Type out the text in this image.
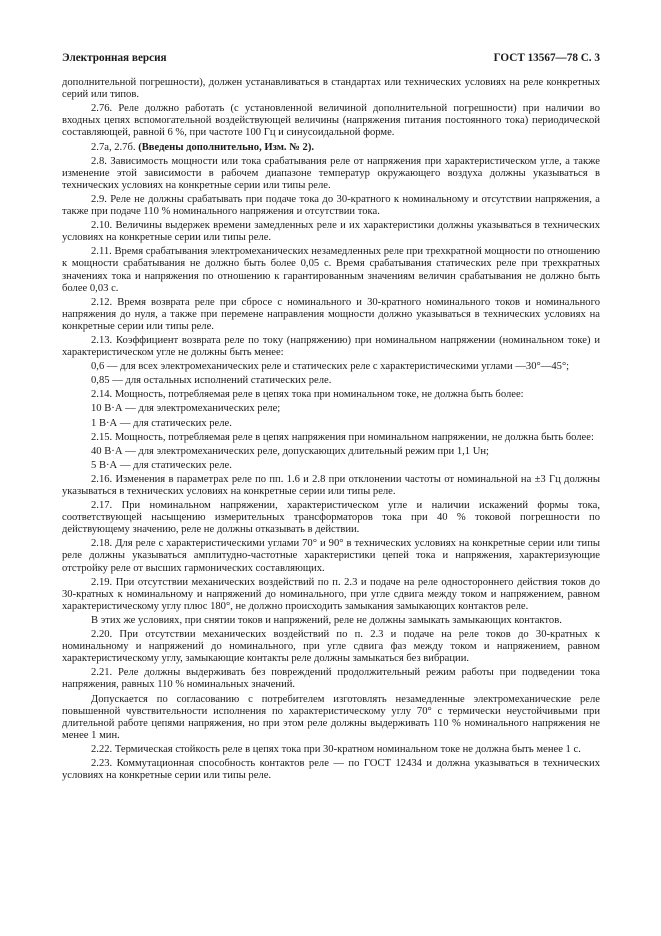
Электронная версия	ГОСТ 13567—78 С. 3

дополнительной погрешности), должен устанавливаться в стандартах или технических условиях на реле конкретных серий или типов.

2.76. Реле должно работать (с установленной величиной дополнительной погрешности) при наличии во входных цепях вспомогательной воздействующей величины (напряжения питания постоянного тока) периодической составляющей, равной 6 %, при частоте 100 Гц и синусоидальной форме.

2.7а, 2.7б. (Введены дополнительно, Изм. № 2).

2.8. Зависимость мощности или тока срабатывания реле от напряжения при характеристическом угле, а также изменение этой зависимости в рабочем диапазоне температур окружающего воздуха должны указываться в технических условиях на конкретные серии или типы реле.

2.9. Реле не должны срабатывать при подаче тока до 30-кратного к номинальному и отсутствии напряжения, а также при подаче 110 % номинального напряжения и отсутствии тока.

2.10. Величины выдержек времени замедленных реле и их характеристики должны указываться в технических условиях на конкретные серии или типы реле.

2.11. Время срабатывания электромеханических незамедленных реле при трехкратной мощности по отношению к мощности срабатывания не должно быть более 0,05 с. Время срабатывания статических реле при трехкратных значениях тока и напряжения по отношению к гарантированным значениям величин срабатывания не должно быть более 0,03 с.

2.12. Время возврата реле при сбросе с номинального и 30-кратного номинального токов и номинального напряжения до нуля, а также при перемене направления мощности должно указываться в технических условиях на конкретные серии или типы реле.

2.13. Коэффициент возврата реле по току (напряжению) при номинальном напряжении (номинальном токе) и характеристическом угле не должны быть менее:

0,6 — для всех электромеханических реле и статических реле с характеристическими углами —30°—45°;

0,85 — для остальных исполнений статических реле.

2.14. Мощность, потребляемая реле в цепях тока при номинальном токе, не должна быть более:

10 В·А — для электромеханических реле;

1 В·А — для статических реле.

2.15. Мощность, потребляемая реле в цепях напряжения при номинальном напряжении, не должна быть более:

40 В·А — для электромеханических реле, допускающих длительный режим при 1,1 Uн;

5 В·А — для статических реле.

2.16. Изменения в параметрах реле по пп. 1.6 и 2.8 при отклонении частоты от номинальной на ±3 Гц должны указываться в технических условиях на конкретные серии или типы реле.

2.17. При номинальном напряжении, характеристическом угле и наличии искажений формы тока, соответствующей насыщению измерительных трансформаторов тока при 40 % токовой погрешности по действующему значению, реле не должны отказывать в действии.

2.18. Для реле с характеристическими углами 70° и 90° в технических условиях на конкретные серии или типы реле должны указываться амплитудно-частотные характеристики цепей тока и напряжения, характеризующие отстройку реле от высших гармонических составляющих.

2.19. При отсутствии механических воздействий по п. 2.3 и подаче на реле одностороннего действия токов до 30-кратных к номинальному и напряжений до номинального, при угле сдвига между током и напряжением, равном характеристическому углу плюс 180°, не должно происходить замыкания замыкающих контактов реле.

В этих же условиях, при снятии токов и напряжений, реле не должны замыкать замыкающих контактов.

2.20. При отсутствии механических воздействий по п. 2.3 и подаче на реле токов до 30-кратных к номинальному и напряжений до номинального, при угле сдвига фаз между током и напряжением, равном характеристическому углу, замыкающие контакты реле должны замыкаться без вибрации.

2.21. Реле должны выдерживать без повреждений продолжительный режим работы при подведении тока напряжения, равных 110 % номинальных значений.

Допускается по согласованию с потребителем изготовлять незамедленные электромеханические реле повышенной чувствительности исполнения по характеристическому углу 70° с термически неустойчивыми при длительной работе цепями напряжения, но при этом реле должны выдерживать 110 % номинального напряжения не менее 1 мин.

2.22. Термическая стойкость реле в цепях тока при 30-кратном номинальном токе не должна быть менее 1 с.

2.23. Коммутационная способность контактов реле — по ГОСТ 12434 и должна указываться в технических условиях на конкретные серии или типы реле.
